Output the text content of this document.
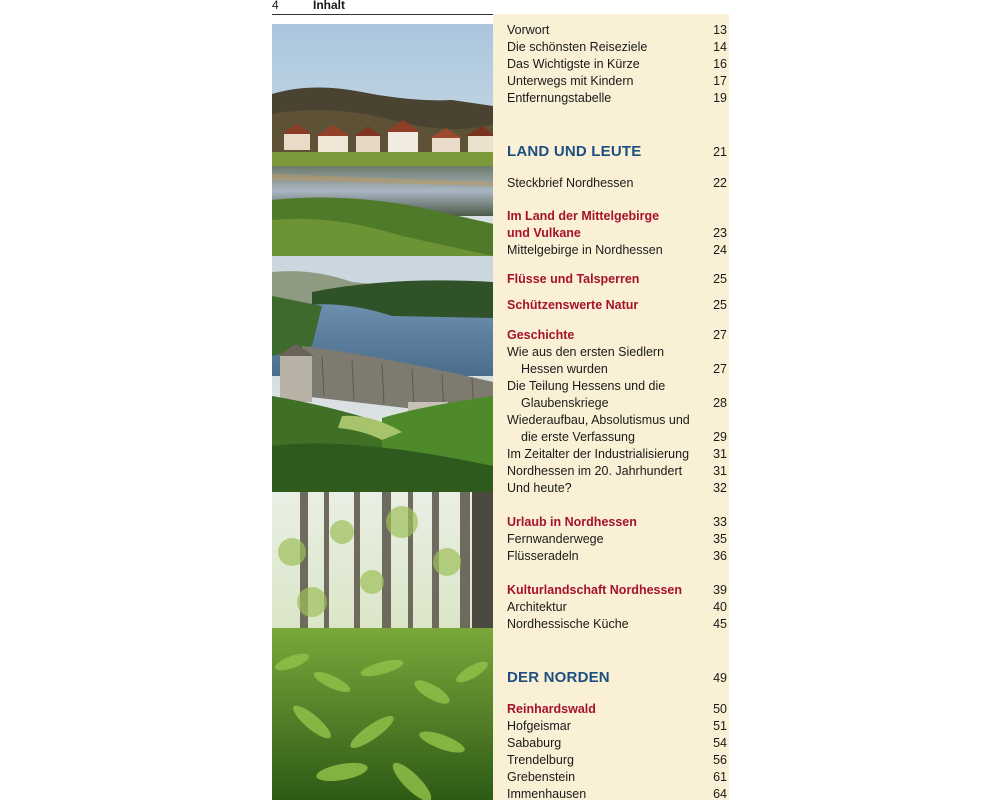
4	Inhalt
Vorwort	13
Die schönsten Reiseziele	14
Das Wichtigste in Kürze	16
Unterwegs mit Kindern	17
Entfernungstabelle	19
LAND UND LEUTE	21
Steckbrief Nordhessen	22
Im Land der Mittelgebirge
und Vulkane	23
Mittelgebirge in Nordhessen	24
Flüsse und Talsperren	25
Schützenswerte Natur	25
Geschichte	27
Wie aus den ersten Siedlern
Hessen wurden	27
Die Teilung Hessens und die
Glaubenskriege	28
Wiederaufbau, Absolutismus und
die erste Verfassung	29
Im Zeitalter der Industrialisierung 31
Nordhessen im 20. Jahrhundert 31
Und heute?	32
Urlaub in Nordhessen	33
Fernwanderwege	35
Flüsseradeln	36
Kulturlandschaft Nordhessen 39
Architektur	40
Nordhessische Küche	45
DER NORDEN	49
Reinhardswald	50
Hofgeismar	51
Sababurg	54
Trendelburg	56
Grebenstein	61
Immenhausen	64
